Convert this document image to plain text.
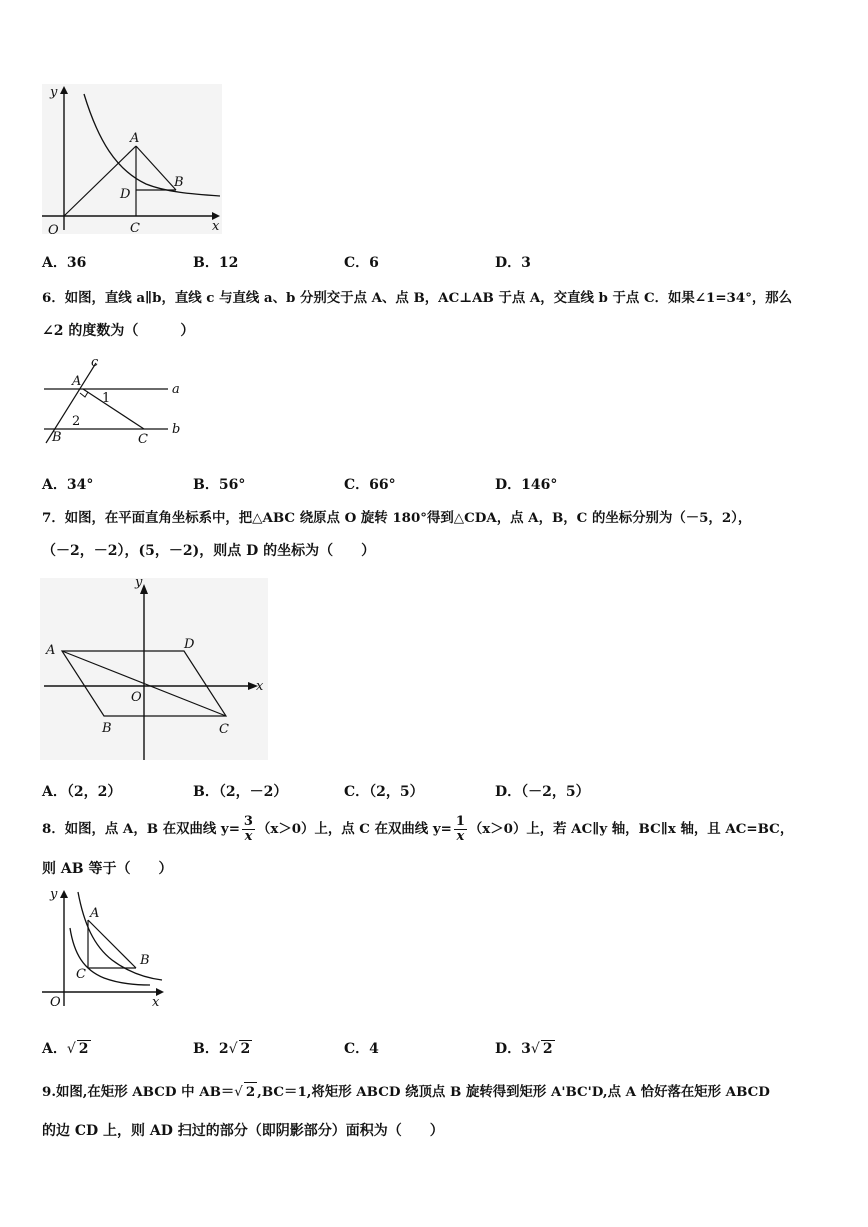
y
x
O
A
B
C
D
A．36	B．12	C．6	D．3
6．如图，直线 a∥b，直线 c 与直线 a、b 分别交于点 A、点 B，AC⊥AB 于点 A，交直线 b 于点 C．如果∠1=34°，那么
∠2 的度数为（　　　）
c
a
b
A
B	C
1
2
A．34°	B．56°	C．66°	D．146°
7．如图，在平面直角坐标系中，把△ABC 绕原点 O 旋转 180°得到△CDA，点 A，B，C 的坐标分别为（－5，2），
（－2，－2），(5，－2)，则点 D 的坐标为（　　）
y
x
O
A	D
B	C
A．（2，2）	B．（2，－2）	C．（2，5）	D．（－2，5）
8．如图，点 A，B 在双曲线 $y= \frac{3}{x} (x>0)$上，点 C 在双曲线 $y= \frac{1}{x} (x>0)$上，若 AC∥y 轴，BC∥x 轴，且 AC=BC，
则 AB 等于（　　）
y
x
O
A
B
C
A．√ 2	B．2√ 2	C．4	D．3√ 2
9.如图,在矩形 ABCD 中 AB＝√ 2 ,BC＝1,将矩形 ABCD 绕顶点 B 旋转得到矩形 A'BC'D,点 A 恰好落在矩形 ABCD
的边 CD 上，则 AD 扫过的部分（即阴影部分）面积为（　　）
